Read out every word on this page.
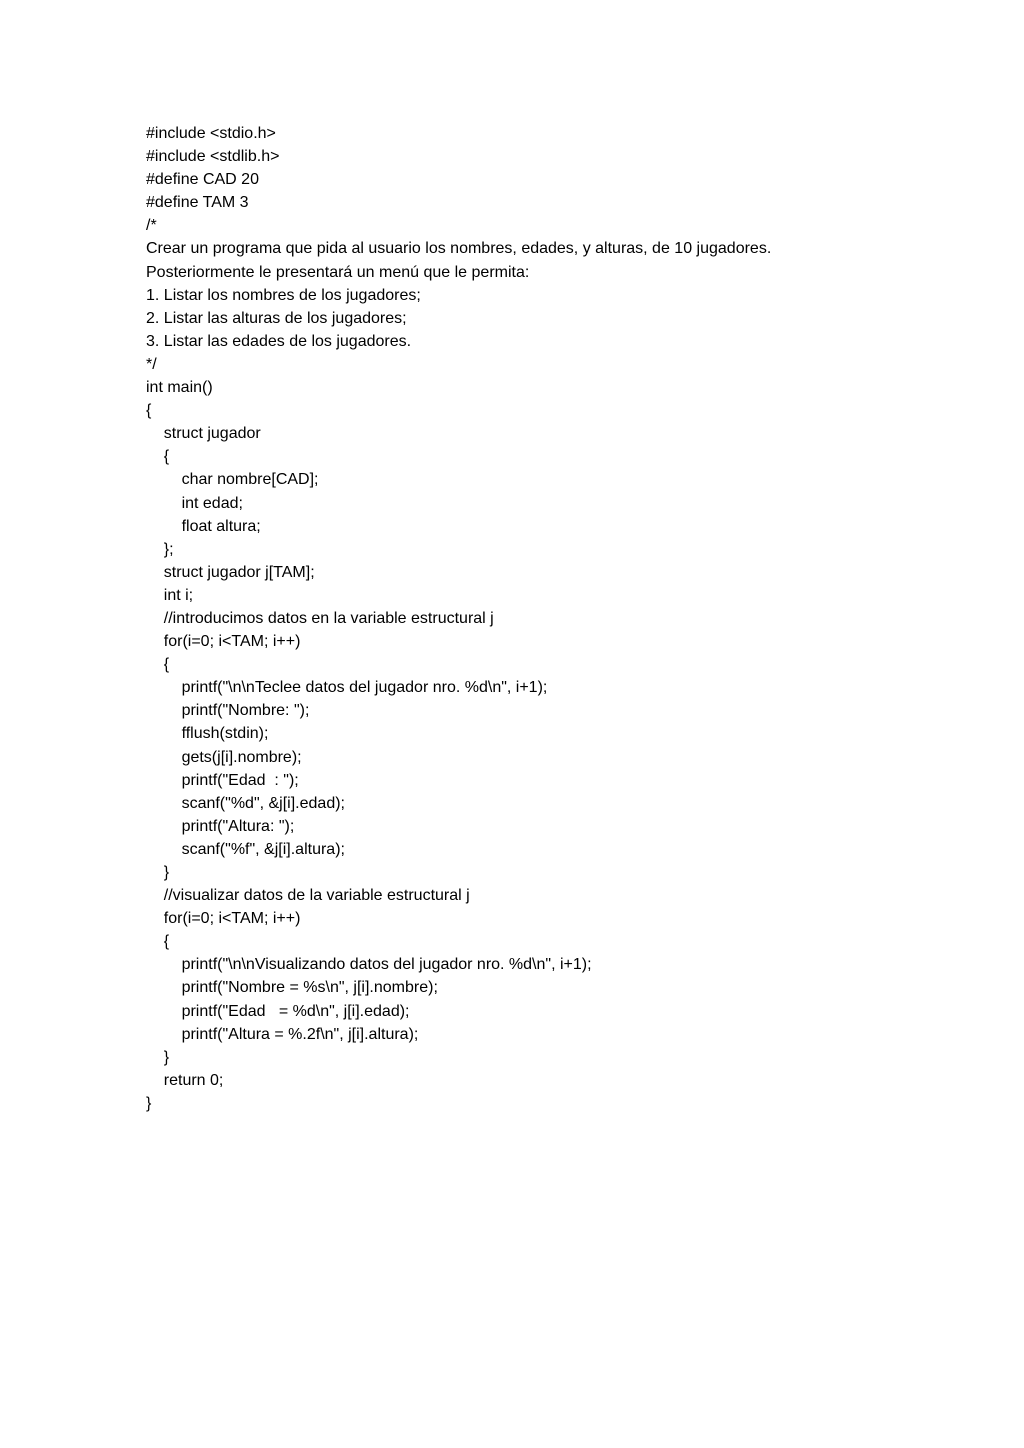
#include <stdio.h>
#include <stdlib.h>
#define CAD 20
#define TAM 3
/*
Crear un programa que pida al usuario los nombres, edades, y alturas, de 10 jugadores.
Posteriormente le presentará un menú que le permita:
1. Listar los nombres de los jugadores;
2. Listar las alturas de los jugadores;
3. Listar las edades de los jugadores.
*/
int main()
{
struct jugador
{
char nombre[CAD];
int edad;
float altura;
};
struct jugador j[TAM];
int i;
//introducimos datos en la variable estructural j
for(i=0; i<TAM; i++)
{
printf("\n\nTeclee datos del jugador nro. %d\n", i+1);
printf("Nombre: ");
fflush(stdin);
gets(j[i].nombre);
printf("Edad  : ");
scanf("%d", &j[i].edad);
printf("Altura: ");
scanf("%f", &j[i].altura);
}
//visualizar datos de la variable estructural j
for(i=0; i<TAM; i++)
{
printf("\n\nVisualizando datos del jugador nro. %d\n", i+1);
printf("Nombre = %s\n", j[i].nombre);
printf("Edad   = %d\n", j[i].edad);
printf("Altura = %.2f\n", j[i].altura);
}
return 0;
}
